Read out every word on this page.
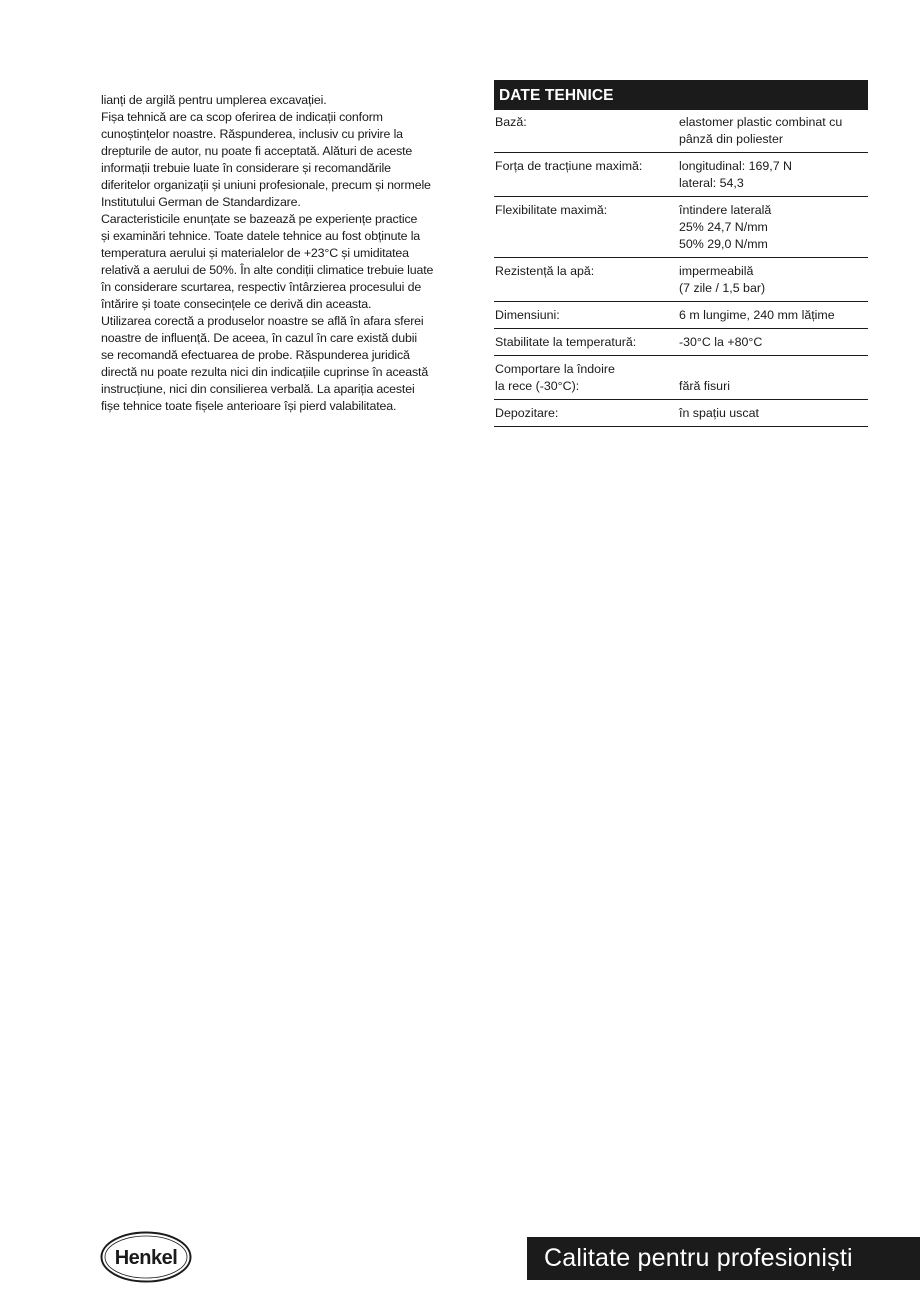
lianți de argilă pentru umplerea excavației.

Fișa tehnică are ca scop oferirea de indicații conform

cunoștințelor noastre. Răspunderea, inclusiv cu privire la

drepturile de autor, nu poate fi acceptată. Alături de aceste

informații trebuie luate în considerare și recomandările

diferitelor organizații și uniuni profesionale, precum și normele

Institutului German de Standardizare.

Caracteristicile enunțate se bazează pe experiențe practice

și examinări tehnice. Toate datele tehnice au fost obținute la

temperatura aerului și materialelor de +23°C și umiditatea

relativă a aerului de 50%. În alte condiții climatice trebuie luate

în considerare scurtarea, respectiv întârzierea procesului de

întărire și toate consecințele ce derivă din aceasta.

Utilizarea corectă a produselor noastre se află în afara sferei

noastre de influență. De aceea, în cazul în care există dubii

se recomandă efectuarea de probe. Răspunderea juridică

directă nu poate rezulta nici din indicațiile cuprinse în această

instrucțiune, nici din consilierea verbală. La apariția acestei

fișe tehnice toate fișele anterioare își pierd valabilitatea.

DATE TEHNICE
Bază:	elastomer plastic combinat cu
pânză din poliester
Forța de tracțiune maximă:	longitudinal: 169,7 N
lateral: 54,3
Flexibilitate maximă:	întindere laterală
25% 24,7 N/mm
50% 29,0 N/mm
Rezistență la apă:	impermeabilă
(7 zile / 1,5 bar)
Dimensiuni:	6 m lungime, 240 mm lățime
Stabilitate la temperatură:	-30°C la +80°C
Comportare la îndoire
la rece (-30°C):	fără fisuri
Depozitare:	în spațiu uscat
Henkel	Calitate pentru profesioniști
